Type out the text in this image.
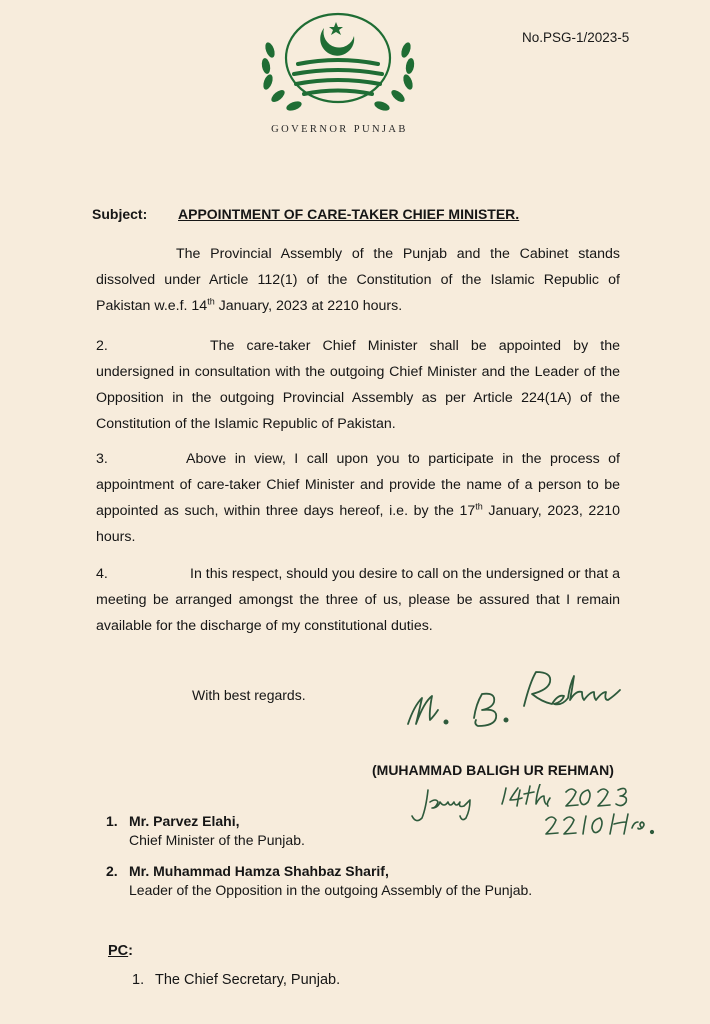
No.PSG-1/2023-5
GOVERNOR PUNJAB
Subject: APPOINTMENT OF CARE-TAKER CHIEF MINISTER.
The Provincial Assembly of the Punjab and the Cabinet stands dissolved under Article 112(1) of the Constitution of the Islamic Republic of Pakistan w.e.f. 14th January, 2023 at 2210 hours.
2.	The care-taker Chief Minister shall be appointed by the undersigned in consultation with the outgoing Chief Minister and the Leader of the Opposition in the outgoing Provincial Assembly as per Article 224(1A) of the Constitution of the Islamic Republic of Pakistan.
3.	Above in view, I call upon you to participate in the process of appointment of care-taker Chief Minister and provide the name of a person to be appointed as such, within three days hereof, i.e. by the 17th January, 2023, 2210 hours.
4.	In this respect, should you desire to call on the undersigned or that a meeting be arranged amongst the three of us, please be assured that I remain available for the discharge of my constitutional duties.
With best regards.
(MUHAMMAD BALIGH UR REHMAN)
1. Mr. Parvez Elahi,
Chief Minister of the Punjab.
2. Mr. Muhammad Hamza Shahbaz Sharif,
Leader of the Opposition in the outgoing Assembly of the Punjab.
PC:
1. The Chief Secretary, Punjab.
